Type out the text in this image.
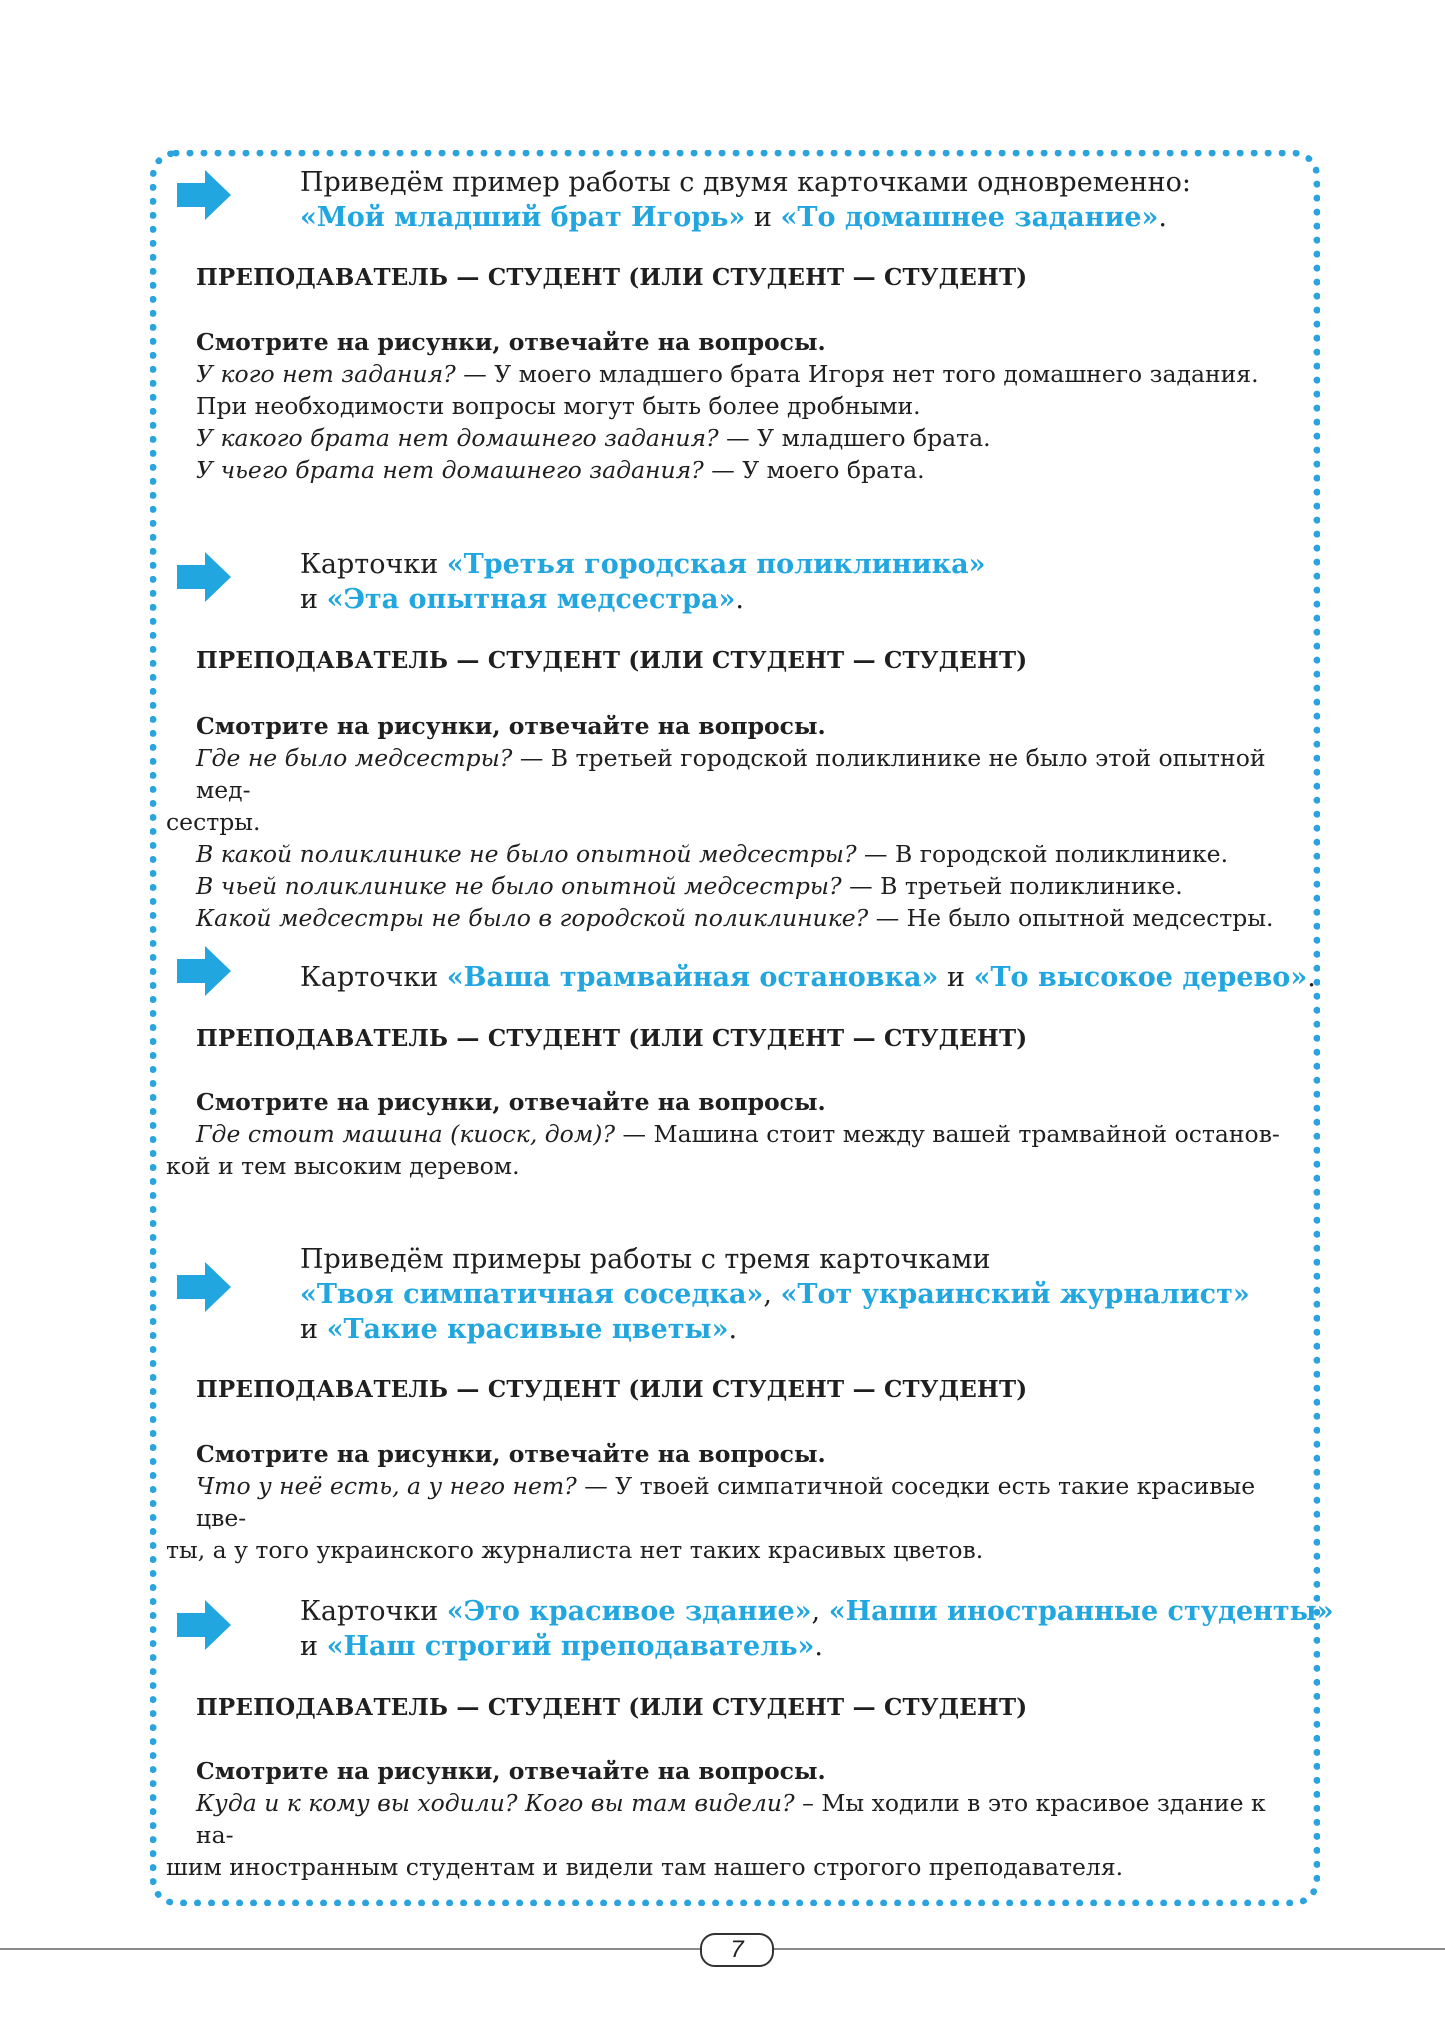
Приведём пример работы с двумя карточками одновременно:
«Мой младший брат Игорь» и «То домашнее задание».
ПРЕПОДАВАТЕЛЬ — СТУДЕНТ (ИЛИ СТУДЕНТ — СТУДЕНТ)

Смотрите на рисунки, отвечайте на вопросы.

У кого нет задания? — У моего младшего брата Игоря нет того домашнего задания.
При необходимости вопросы могут быть более дробными.
У какого брата нет домашнего задания? — У младшего брата.
У чьего брата нет домашнего задания? — У моего брата.
Карточки «Третья городская поликлиника»
и «Эта опытная медсестра».
ПРЕПОДАВАТЕЛЬ — СТУДЕНТ (ИЛИ СТУДЕНТ — СТУДЕНТ)

Смотрите на рисунки, отвечайте на вопросы.

Где не было медсестры? — В третьей городской поликлинике не было этой опытной мед-
сестры.
В какой поликлинике не было опытной медсестры? — В городской поликлинике.
В чьей поликлинике не было опытной медсестры? — В третьей поликлинике.
Какой медсестры не было в городской поликлинике? — Не было опытной медсестры.
Карточки «Ваша трамвайная остановка» и «То высокое дерево».
ПРЕПОДАВАТЕЛЬ — СТУДЕНТ (ИЛИ СТУДЕНТ — СТУДЕНТ)

Смотрите на рисунки, отвечайте на вопросы.

Где стоит машина (киоск, дом)? — Машина стоит между вашей трамвайной останов-
кой и тем высоким деревом.
Приведём примеры работы с тремя карточками
«Твоя симпатичная соседка», «Тот украинский журналист»
и «Такие красивые цветы».
ПРЕПОДАВАТЕЛЬ — СТУДЕНТ (ИЛИ СТУДЕНТ — СТУДЕНТ)

Смотрите на рисунки, отвечайте на вопросы.

Что у неё есть, а у него нет? — У твоей симпатичной соседки есть такие красивые цве-
ты, а у того украинского журналиста нет таких красивых цветов.
Карточки «Это красивое здание», «Наши иностранные студенты»
и «Наш строгий преподаватель».
ПРЕПОДАВАТЕЛЬ — СТУДЕНТ (ИЛИ СТУДЕНТ — СТУДЕНТ)

Смотрите на рисунки, отвечайте на вопросы.

Куда и к кому вы ходили? Кого вы там видели? – Мы ходили в это красивое здание к на-
шим иностранным студентам и видели там нашего строгого преподавателя.
7
